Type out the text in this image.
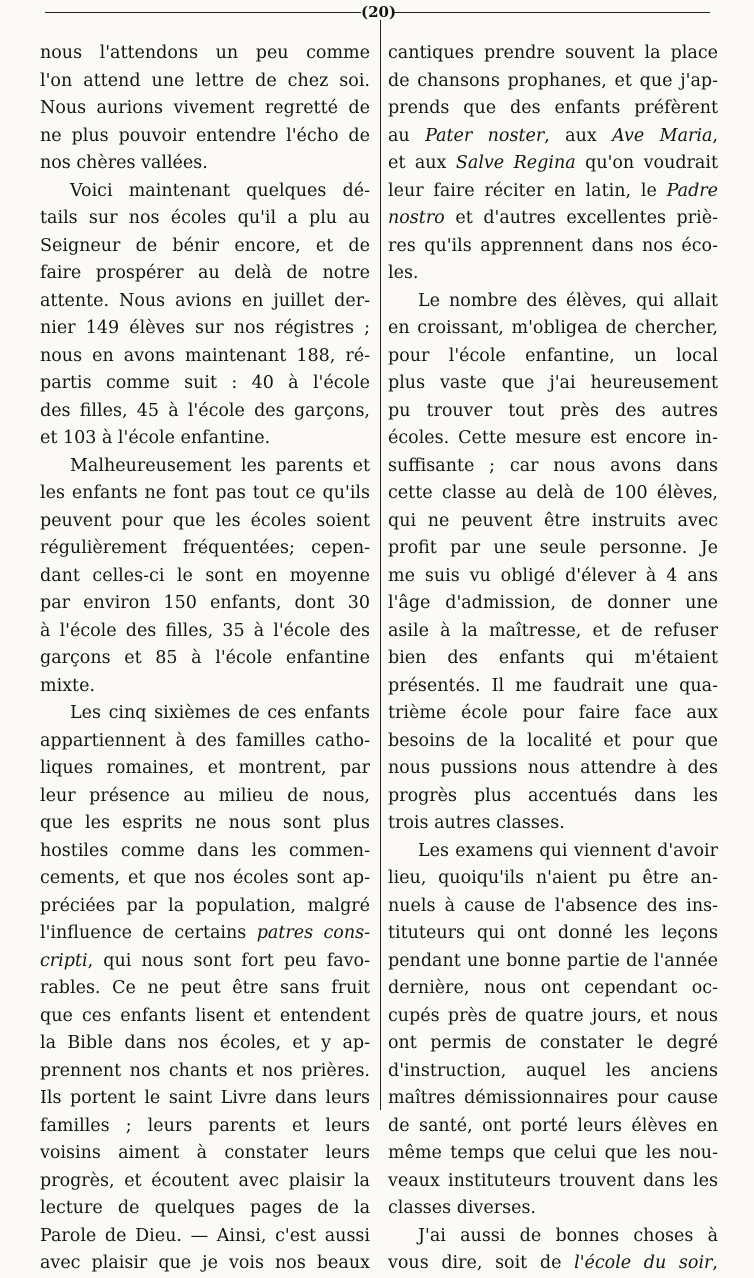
(20)
nous l'attendons un peu comme
l'on attend une lettre de chez soi.
Nous aurions vivement regretté de
ne plus pouvoir entendre l'écho de
nos chères vallées.
Voici maintenant quelques dé-
tails sur nos écoles qu'il a plu au
Seigneur de bénir encore, et de
faire prospérer au delà de notre
attente. Nous avions en juillet der-
nier 149 élèves sur nos régistres ;
nous en avons maintenant 188, ré-
partis comme suit : 40 à l'école
des filles, 45 à l'école des garçons,
et 103 à l'école enfantine.
Malheureusement les parents et
les enfants ne font pas tout ce qu'ils
peuvent pour que les écoles soient
régulièrement fréquentées; cepen-
dant celles-ci le sont en moyenne
par environ 150 enfants, dont 30
à l'école des filles, 35 à l'école des
garçons et 85 à l'école enfantine
mixte.
Les cinq sixièmes de ces enfants
appartiennent à des familles catho-
liques romaines, et montrent, par
leur présence au milieu de nous,
que les esprits ne nous sont plus
hostiles comme dans les commen-
cements, et que nos écoles sont ap-
préciées par la population, malgré
l'influence de certains patres cons-
cripti, qui nous sont fort peu favo-
rables. Ce ne peut être sans fruit
que ces enfants lisent et entendent
la Bible dans nos écoles, et y ap-
prennent nos chants et nos prières.
Ils portent le saint Livre dans leurs
familles ; leurs parents et leurs
voisins aiment à constater leurs
progrès, et écoutent avec plaisir la
lecture de quelques pages de la
Parole de Dieu. — Ainsi, c'est aussi
avec plaisir que je vois nos beaux
cantiques prendre souvent la place
de chansons prophanes, et que j'ap-
prends que des enfants préfèrent
au Pater noster, aux Ave Maria,
et aux Salve Regina qu'on voudrait
leur faire réciter en latin, le Padre
nostro et d'autres excellentes priè-
res qu'ils apprennent dans nos éco-
les.
Le nombre des élèves, qui allait
en croissant, m'obligea de chercher,
pour l'école enfantine, un local
plus vaste que j'ai heureusement
pu trouver tout près des autres
écoles. Cette mesure est encore in-
suffisante ; car nous avons dans
cette classe au delà de 100 élèves,
qui ne peuvent être instruits avec
profit par une seule personne. Je
me suis vu obligé d'élever à 4 ans
l'âge d'admission, de donner une
asile à la maîtresse, et de refuser
bien des enfants qui m'étaient
présentés. Il me faudrait une qua-
trième école pour faire face aux
besoins de la localité et pour que
nous pussions nous attendre à des
progrès plus accentués dans les
trois autres classes.
Les examens qui viennent d'avoir
lieu, quoiqu'ils n'aient pu être an-
nuels à cause de l'absence des ins-
tituteurs qui ont donné les leçons
pendant une bonne partie de l'année
dernière, nous ont cependant oc-
cupés près de quatre jours, et nous
ont permis de constater le degré
d'instruction, auquel les anciens
maîtres démissionnaires pour cause
de santé, ont porté leurs élèves en
même temps que celui que les nou-
veaux instituteurs trouvent dans les
classes diverses.
J'ai aussi de bonnes choses à
vous dire, soit de l'école du soir,
